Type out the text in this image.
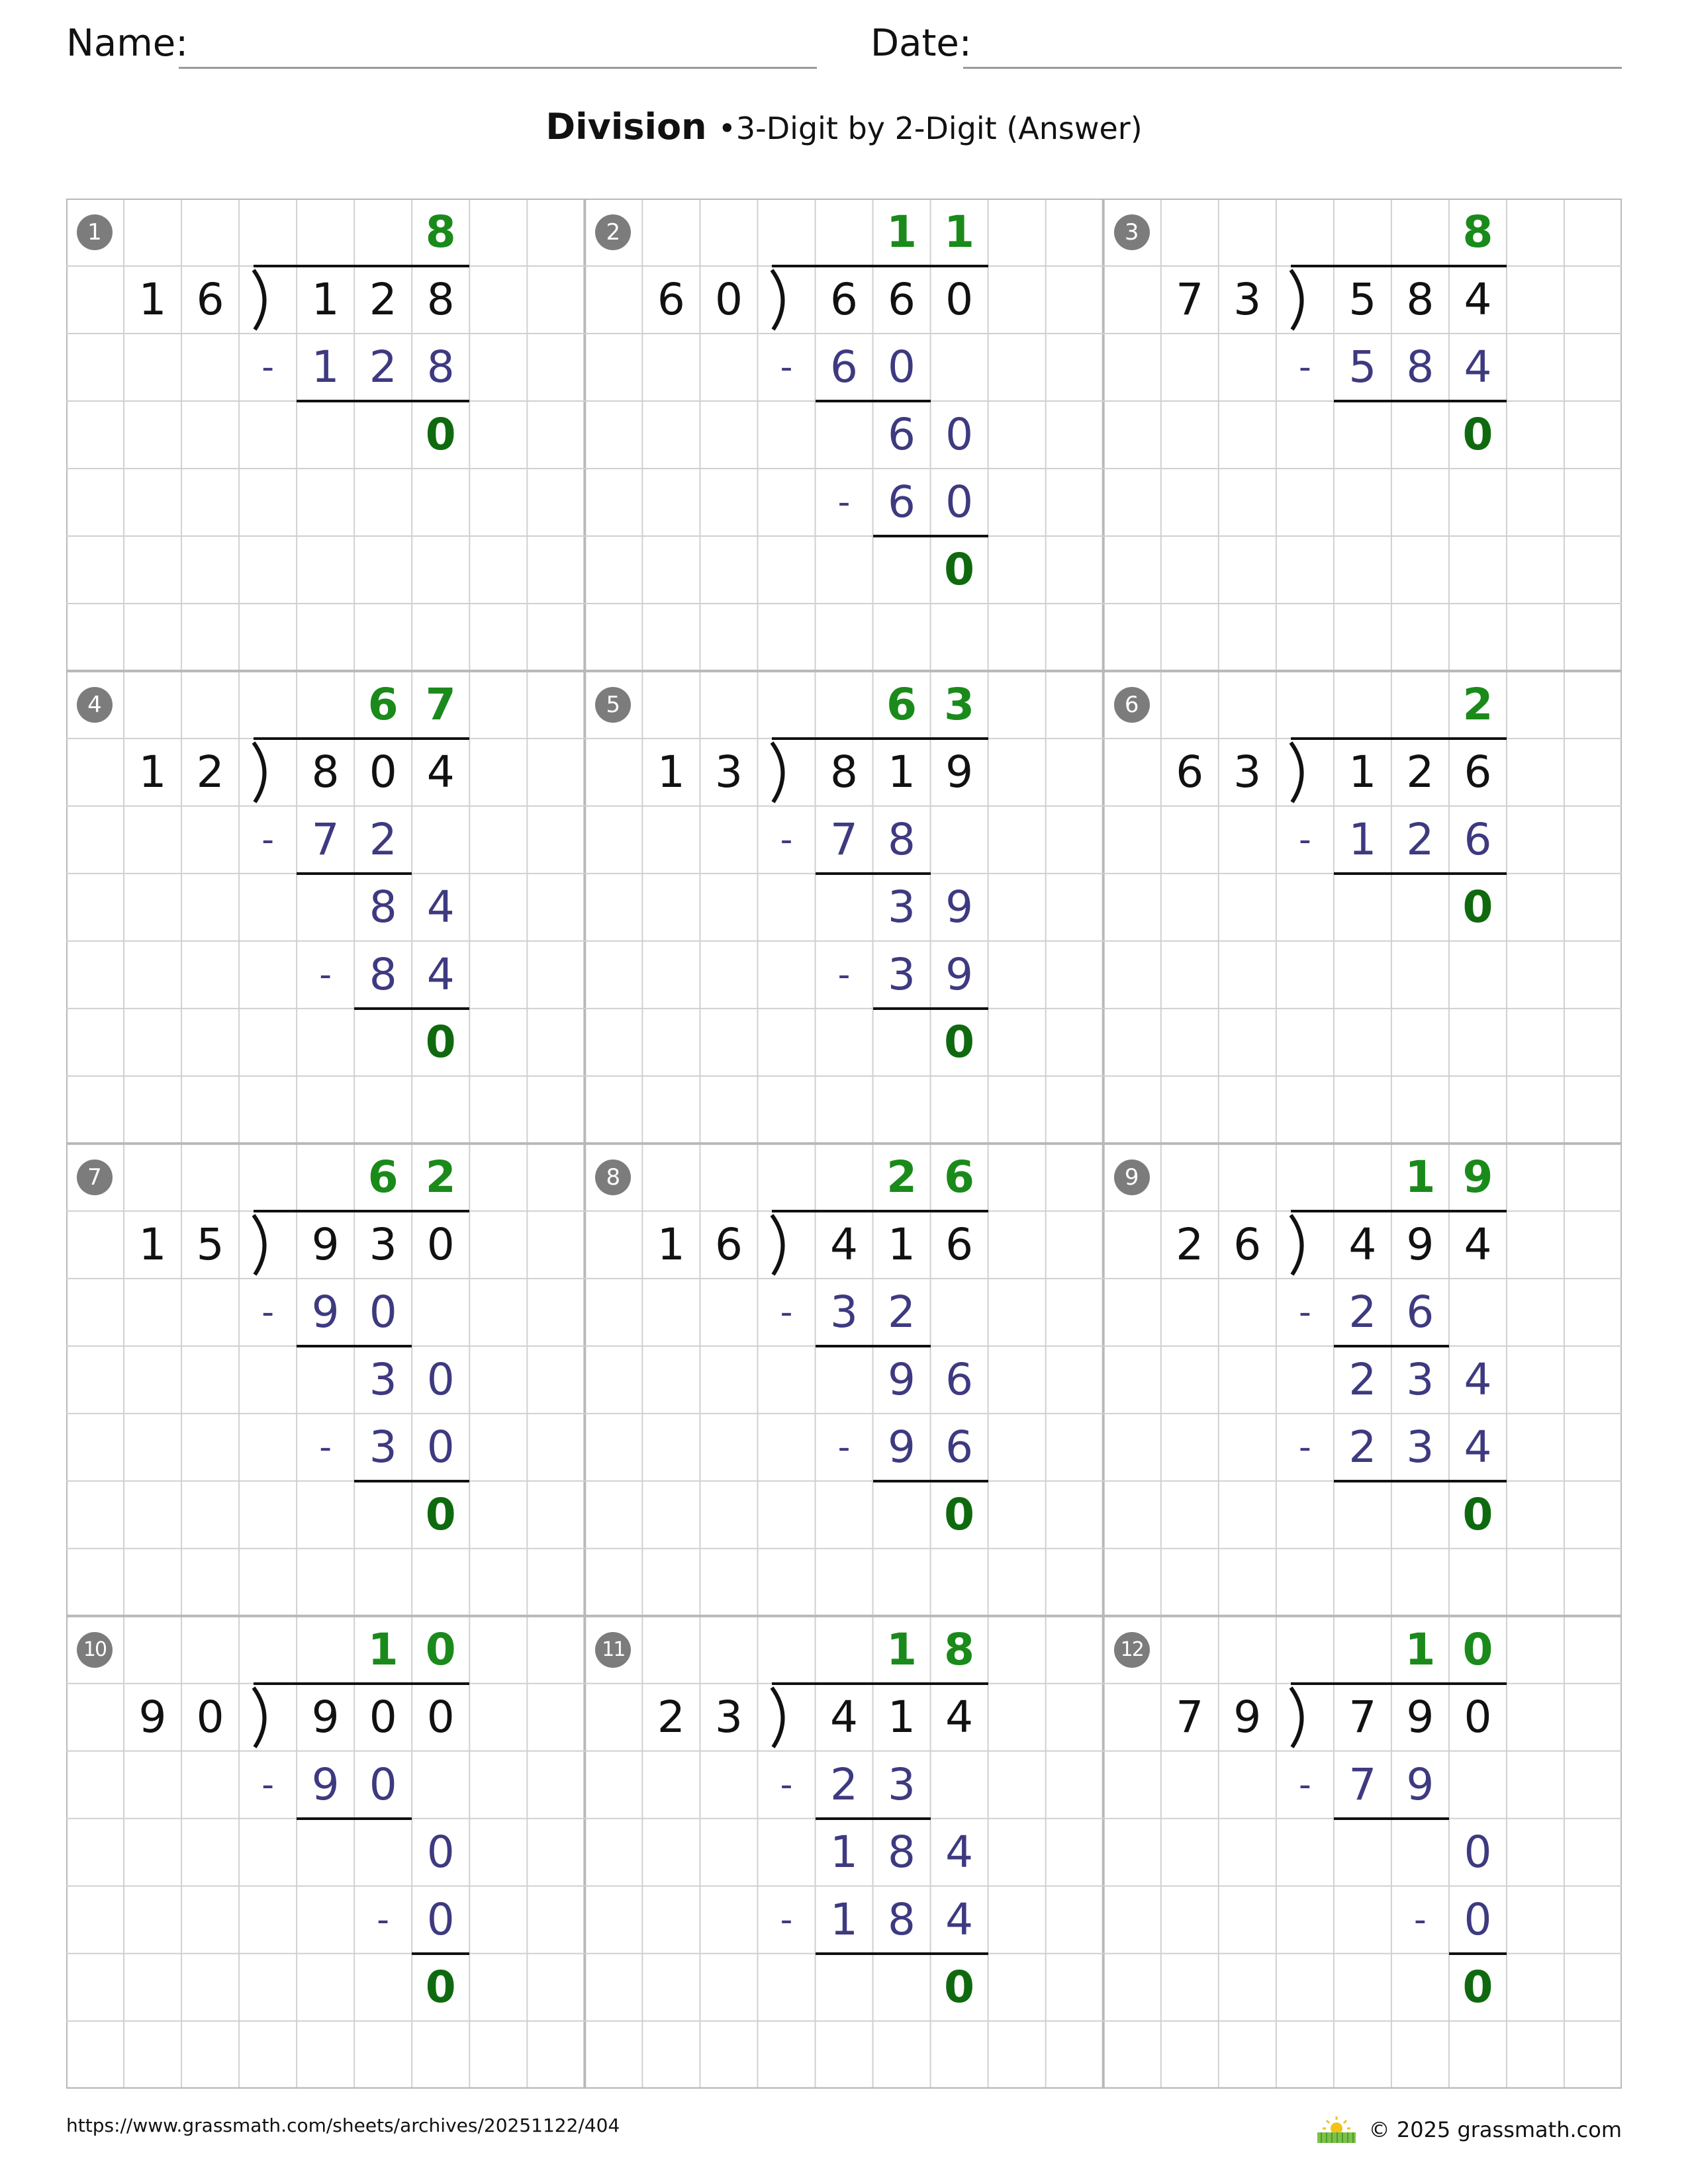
Name:	Date:
Division •3-Digit by 2-Digit (Answer)
1
1 6	1 2 8
8
1 2 8
-
0
2
6 0	6 6 0
1 1
6 0
-
6 0
6 0
-
0
3
7 3	5 8 4
8
5 8 4
-
0
4
1 2	8 0 4
6 7
7 2
-
8 4
8 4
-
0
5
1 3	8 1 9
6 3
7 8
-
3 9
3 9
-
0
6
6 3	1 2 6
2
1 2 6
-
0
7
1 5	9 3 0
6 2
9 0
-
3 0
3 0
-
0
8
1 6	4 1 6
2 6
3 2
-
9 6
9 6
-
0
9
2 6	4 9 4
1 9
2 6
-
2 3 4
2 3 4
-
0
10
9 0	9 0 0
1 0
9 0
-
0
0
-
0
11
2 3	4 1 4
1 8
2 3
-
1 8 4
1 8 4
-
0
12
7 9	7 9 0
1 0
7 9
-
0
0
-
0
https://www.grassmath.com/sheets/archives/20251122/404	© 2025 grassmath.com
